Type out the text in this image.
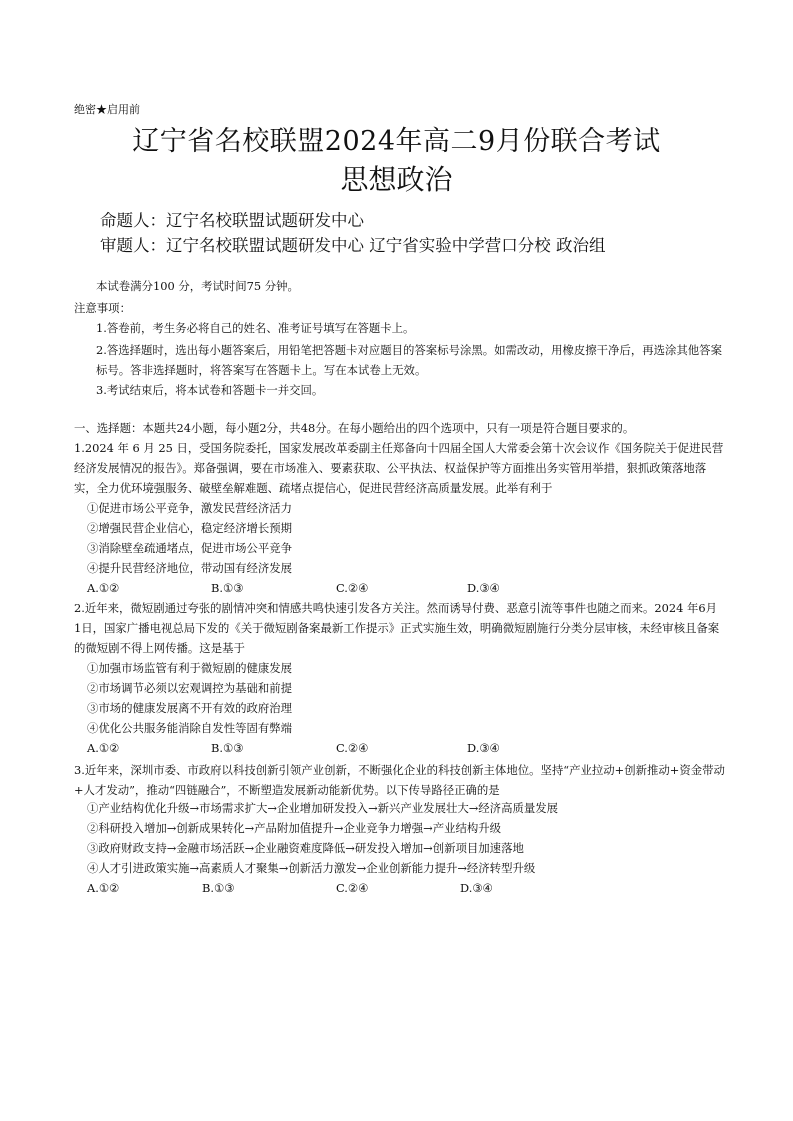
绝密★启用前
辽宁省名校联盟2024年高二9月份联合考试
思想政治
命题人：辽宁名校联盟试题研发中心
审题人：辽宁名校联盟试题研发中心 辽宁省实验中学营口分校 政治组
本试卷满分100 分，考试时间75 分钟。
注意事项：
1.答卷前，考生务必将自己的姓名、准考证号填写在答题卡上。
2.答选择题时，选出每小题答案后，用铅笔把答题卡对应题目的答案标号涂黑。如需改动，用橡皮擦干净后，再选涂其他答案标号。答非选择题时，将答案写在答题卡上。写在本试卷上无效。
3.考试结束后，将本试卷和答题卡一并交回。
一、选择题：本题共24小题，每小题2分，共48分。在每小题给出的四个选项中，只有一项是符合题目要求的。
1.2024 年 6 月 25 日，受国务院委托，国家发展改革委副主任郑备向十四届全国人大常委会第十次会议作《国务院关于促进民营经济发展情况的报告》。郑备强调，要在市场准入、要素获取、公平执法、权益保护等方面推出务实管用举措，狠抓政策落地落实，全力优环境强服务、破壁垒解难题、疏堵点提信心，促进民营经济高质量发展。此举有利于
①促进市场公平竞争，激发民营经济活力
②增强民营企业信心，稳定经济增长预期
③消除壁垒疏通堵点，促进市场公平竞争
④提升民营经济地位，带动国有经济发展
A.①②	B.①③	C.②④	D.③④
2.近年来，微短剧通过夸张的剧情冲突和情感共鸣快速引发各方关注。然而诱导付费、恶意引流等事件也随之而来。2024 年6月 1日，国家广播电视总局下发的《关于微短剧备案最新工作提示》正式实施生效，明确微短剧施行分类分层审核，未经审核且备案的微短剧不得上网传播。这是基于
①加强市场监管有利于微短剧的健康发展
②市场调节必须以宏观调控为基础和前提
③市场的健康发展离不开有效的政府治理
④优化公共服务能消除自发性等固有弊端
A.①②	B.①③	C.②④	D.③④
3.近年来，深圳市委、市政府以科技创新引领产业创新，不断强化企业的科技创新主体地位。坚持“产业拉动+创新推动+资金带动+人才发动”，推动“四链融合”，不断塑造发展新动能新优势。以下传导路径正确的是
①产业结构优化升级→市场需求扩大→企业增加研发投入→新兴产业发展壮大→经济高质量发展
②科研投入增加→创新成果转化→产品附加值提升→企业竞争力增强→产业结构升级
③政府财政支持→金融市场活跃→企业融资难度降低→研发投入增加→创新项目加速落地
④人才引进政策实施→高素质人才聚集→创新活力激发→企业创新能力提升→经济转型升级
A.①②	B.①③	C.②④	D.③④
